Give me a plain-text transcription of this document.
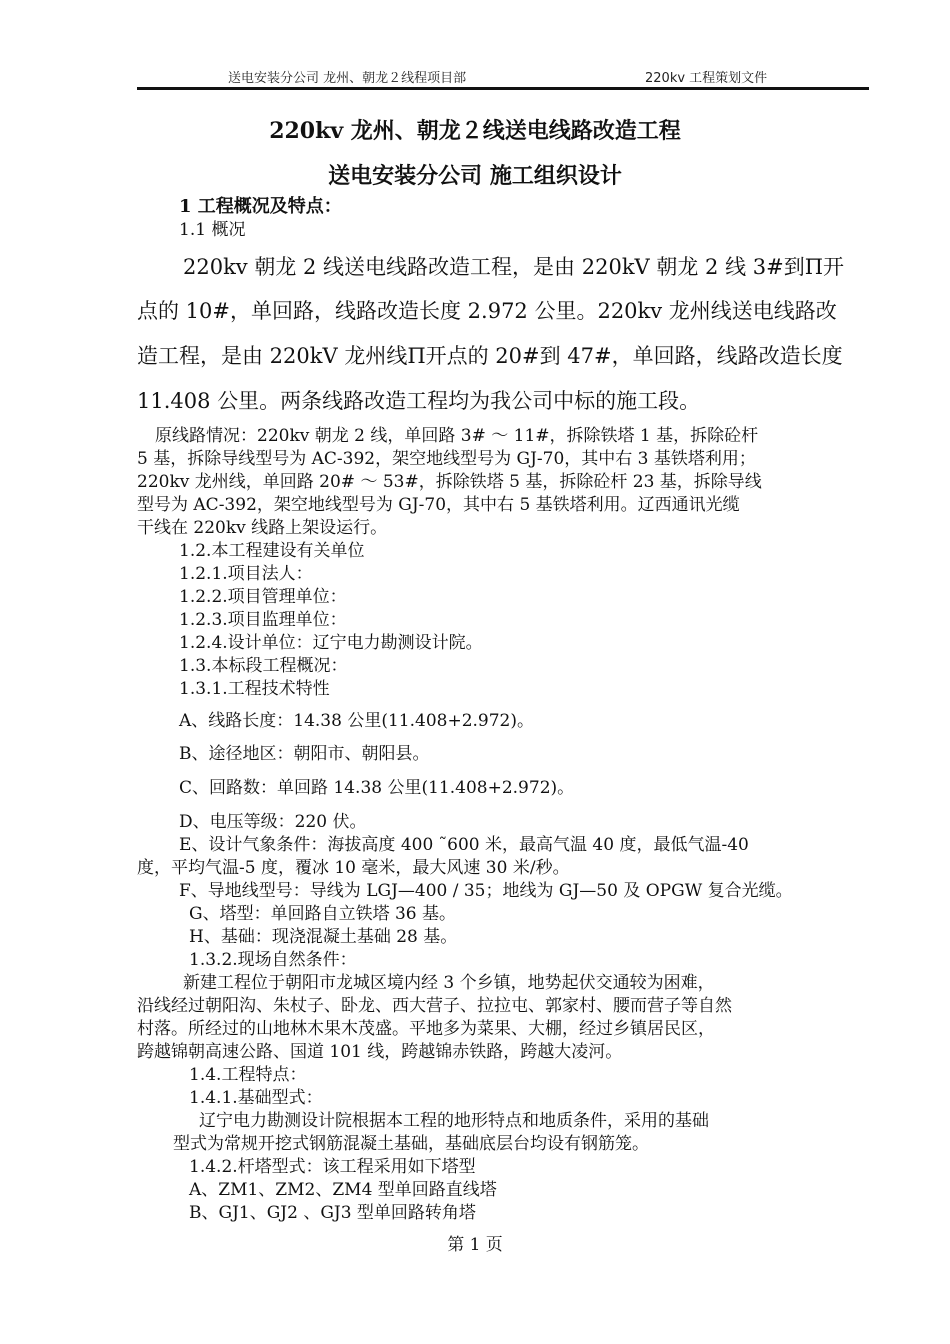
送电安装分公司 龙州、朝龙２线程项目部	220kv 工程策划文件
220kv 龙州、朝龙２线送电线路改造工程
送电安装分公司 施工组织设计
1 工程概况及特点：
1.1 概况
220kv 朝龙 2 线送电线路改造工程，是由 220kV 朝龙 2 线 3#到Π开
点的 10#，单回路，线路改造长度 2.972 公里。220kv 龙州线送电线路改
造工程，是由 220kV 龙州线Π开点的 20#到 47#，单回路，线路改造长度
11.408 公里。两条线路改造工程均为我公司中标的施工段。
原线路情况：220kv 朝龙 2 线，单回路 3# ～ 11#，拆除铁塔 1 基，拆除砼杆
5 基，拆除导线型号为 AC-392，架空地线型号为 GJ-70，其中右 3 基铁塔利用；
220kv 龙州线，单回路 20# ～ 53#，拆除铁塔 5 基，拆除砼杆 23 基，拆除导线
型号为 AC-392，架空地线型号为 GJ-70，其中右 5 基铁塔利用。辽西通讯光缆
干线在 220kv 线路上架设运行。
1.2.本工程建设有关单位
1.2.1.项目法人：
1.2.2.项目管理单位：
1.2.3.项目监理单位：
1.2.4.设计单位：辽宁电力勘测设计院。
1.3.本标段工程概况：
1.3.1.工程技术特性
A、线路长度：14.38 公里(11.408+2.972)。
B、途径地区：朝阳市、朝阳县。
C、回路数：单回路 14.38 公里(11.408+2.972)。
D、电压等级：220 伏。
E、设计气象条件：海拔高度 400 ˜600 米，最高气温 40 度，最低气温-40
度，平均气温-5 度，覆冰 10 毫米，最大风速 30 米/秒。
F、导地线型号：导线为 LGJ—400 / 35；地线为 GJ—50 及 OPGW 复合光缆。
G、塔型：单回路自立铁塔 36 基。
H、基础：现浇混凝土基础 28 基。
1.3.2.现场自然条件：
新建工程位于朝阳市龙城区境内经 3 个乡镇，地势起伏交通较为困难，
沿线经过朝阳沟、朱杖子、卧龙、西大营子、拉拉屯、郭家村、腰而营子等自然
村落。所经过的山地林木果木茂盛。平地多为菜果、大棚，经过乡镇居民区，
跨越锦朝高速公路、国道 101 线，跨越锦赤铁路，跨越大凌河。
1.4.工程特点：
1.4.1.基础型式：
辽宁电力勘测设计院根据本工程的地形特点和地质条件，采用的基础
型式为常规开挖式钢筋混凝土基础，基础底层台均设有钢筋笼。
1.4.2.杆塔型式：该工程采用如下塔型
A、ZM1、ZM2、ZM4 型单回路直线塔
B、GJ1、GJ2 、GJ3 型单回路转角塔
第 1 页
